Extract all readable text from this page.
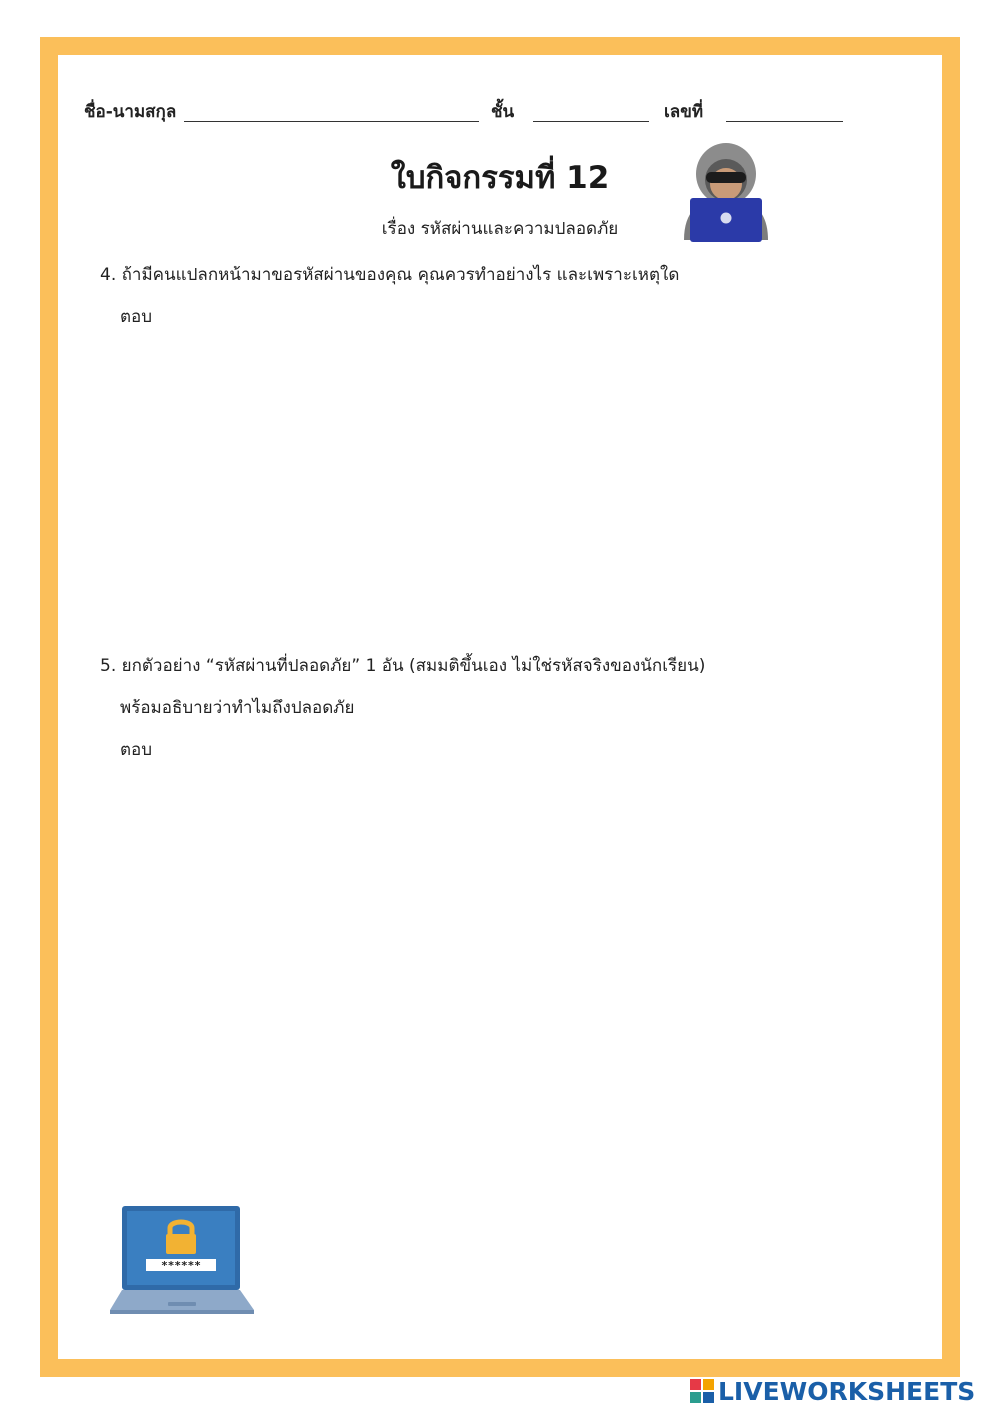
ชื่อ-นามสกุล	ชั้น	เลขที่
ใบกิจกรรมที่ 12
เรื่อง รหัสผ่านและความปลอดภัย
4. ถ้ามีคนแปลกหน้ามาขอรหัสผ่านของคุณ คุณควรทำอย่างไร และเพราะเหตุใด
ตอบ
5. ยกตัวอย่าง “รหัสผ่านที่ปลอดภัย” 1 อัน (สมมติขึ้นเอง ไม่ใช่รหัสจริงของนักเรียน)
พร้อมอธิบายว่าทำไมถึงปลอดภัย
ตอบ
******
LIVEWORKSHEETS
